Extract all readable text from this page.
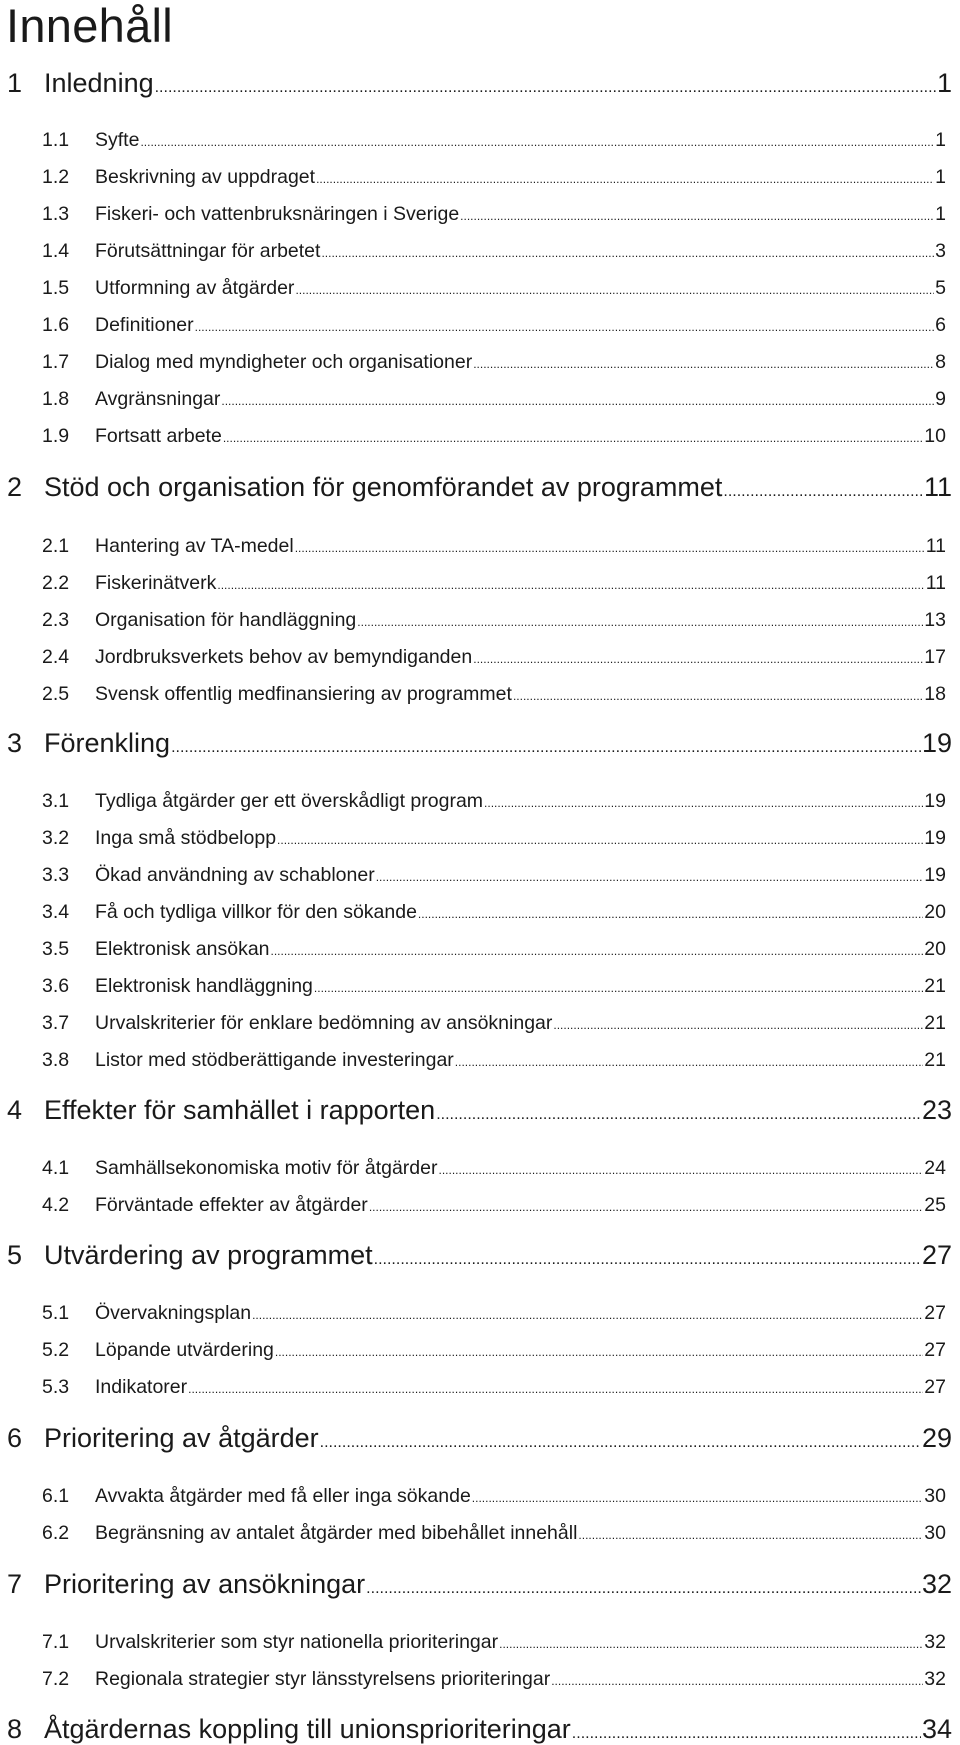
Innehåll
1 Inledning .....	1
1.1 Syfte .....	1
1.2 Beskrivning av uppdraget .....	1
1.3 Fiskeri- och vattenbruksnäringen i Sverige .....	1
1.4 Förutsättningar för arbetet .....	3
1.5 Utformning av åtgärder .....	5
1.6 Definitioner .....	6
1.7 Dialog med myndigheter och organisationer .....	8
1.8 Avgränsningar .....	9
1.9 Fortsatt arbete .....	10
2 Stöd och organisation för genomförandet av programmet .....	11
2.1 Hantering av TA-medel .....	11
2.2 Fiskerinätverk .....	11
2.3 Organisation för handläggning .....	13
2.4 Jordbruksverkets behov av bemyndiganden .....	17
2.5 Svensk offentlig medfinansiering av programmet .....	18
3 Förenkling .....	19
3.1 Tydliga åtgärder ger ett överskådligt program .....	19
3.2 Inga små stödbelopp .....	19
3.3 Ökad användning av schabloner .....	19
3.4 Få och tydliga villkor för den sökande .....	20
3.5 Elektronisk ansökan .....	20
3.6 Elektronisk handläggning .....	21
3.7 Urvalskriterier för enklare bedömning av ansökningar .....	21
3.8 Listor med stödberättigande investeringar .....	21
4 Effekter för samhället i rapporten .....	23
4.1 Samhällsekonomiska motiv för åtgärder .....	24
4.2 Förväntade effekter av åtgärder .....	25
5 Utvärdering av programmet .....	27
5.1 Övervakningsplan .....	27
5.2 Löpande utvärdering .....	27
5.3 Indikatorer .....	27
6 Prioritering av åtgärder .....	29
6.1 Avvakta åtgärder med få eller inga sökande .....	30
6.2 Begränsning av antalet åtgärder med bibehållet innehåll .....	30
7 Prioritering av ansökningar .....	32
7.1 Urvalskriterier som styr nationella prioriteringar .....	32
7.2 Regionala strategier styr länsstyrelsens prioriteringar .....	32
8 Åtgärdernas koppling till unionsprioriteringar .....	34
